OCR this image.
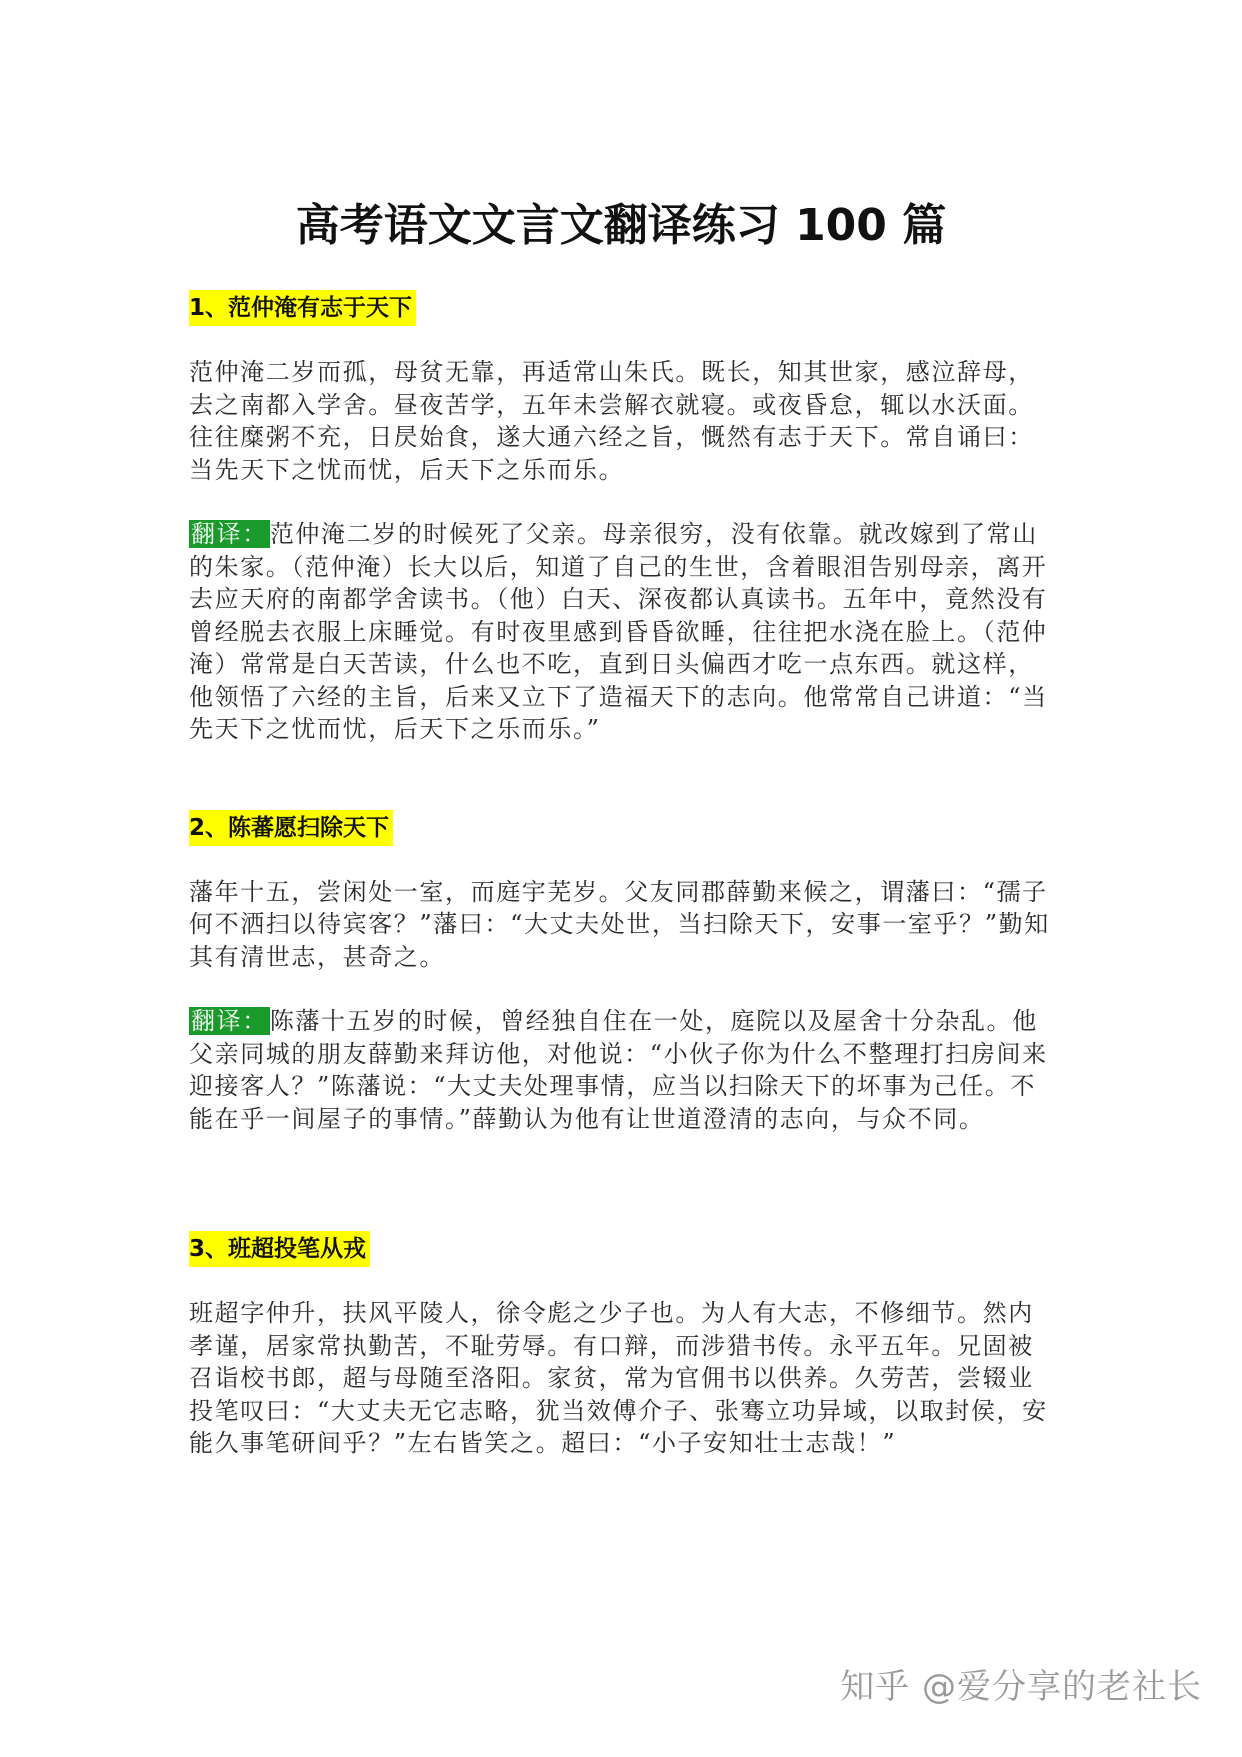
高考语文文言文翻译练习 100 篇
1、范仲淹有志于天下

范仲淹二岁而孤，母贫无靠，再适常山朱氏。既长，知其世家，感泣辞母，去之南都入学舍。昼夜苦学，五年未尝解衣就寝。或夜昏怠，辄以水沃面。往往糜粥不充，日昃始食，遂大通六经之旨，慨然有志于天下。常自诵曰：当先天下之忧而忧，后天下之乐而乐。

翻译：范仲淹二岁的时候死了父亲。母亲很穷，没有依靠。就改嫁到了常山的朱家。（范仲淹）长大以后，知道了自己的生世，含着眼泪告别母亲，离开去应天府的南都学舍读书。（他）白天、深夜都认真读书。五年中，竟然没有曾经脱去衣服上床睡觉。有时夜里感到昏昏欲睡，往往把水浇在脸上。（范仲淹）常常是白天苦读，什么也不吃，直到日头偏西才吃一点东西。就这样，他领悟了六经的主旨，后来又立下了造福天下的志向。他常常自己讲道：“当先天下之忧而忧，后天下之乐而乐。”

2、陈蕃愿扫除天下

藩年十五，尝闲处一室，而庭宇芜岁。父友同郡薛勤来候之，谓藩曰：“孺子何不洒扫以待宾客？”藩曰：“大丈夫处世，当扫除天下，安事一室乎？”勤知其有清世志，甚奇之。

翻译：陈藩十五岁的时候，曾经独自住在一处，庭院以及屋舍十分杂乱。他父亲同城的朋友薛勤来拜访他，对他说：“小伙子你为什么不整理打扫房间来迎接客人？”陈藩说：“大丈夫处理事情，应当以扫除天下的坏事为己任。不能在乎一间屋子的事情。”薛勤认为他有让世道澄清的志向，与众不同。

3、班超投笔从戎

班超字仲升，扶风平陵人，徐令彪之少子也。为人有大志，不修细节。然内孝谨，居家常执勤苦，不耻劳辱。有口辩，而涉猎书传。永平五年。兄固被召诣校书郎，超与母随至洛阳。家贫，常为官佣书以供养。久劳苦，尝辍业投笔叹曰：“大丈夫无它志略，犹当效傅介子、张骞立功异域，以取封侯，安能久事笔研间乎？”左右皆笑之。超曰：“小子安知壮士志哉！”

知乎 @爱分享的老社长
